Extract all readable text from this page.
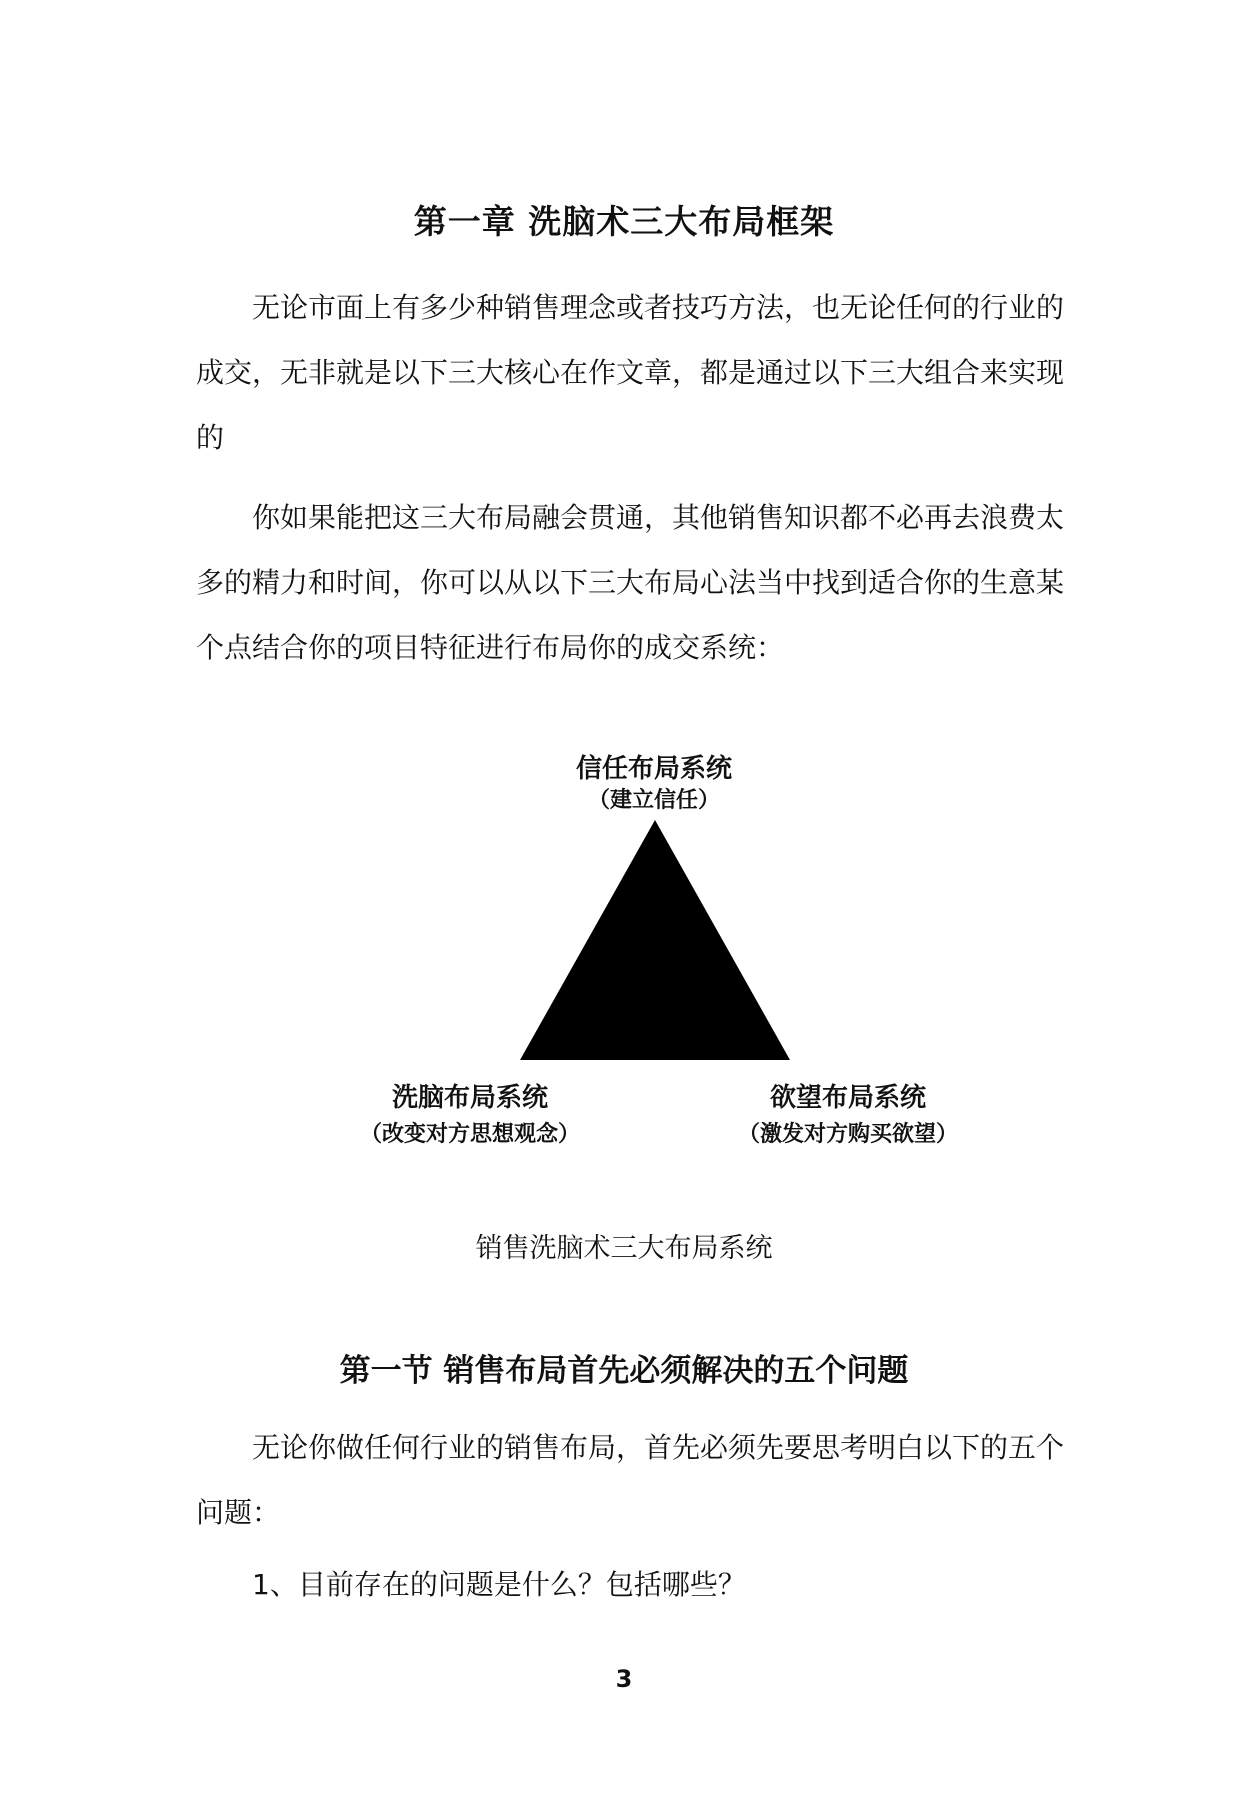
第一章 洗脑术三大布局框架

无论市面上有多少种销售理念或者技巧方法，也无论任何的行业的成交，无非就是以下三大核心在作文章，都是通过以下三大组合来实现的

你如果能把这三大布局融会贯通，其他销售知识都不必再去浪费太多的精力和时间，你可以从以下三大布局心法当中找到适合你的生意某个点结合你的项目特征进行布局你的成交系统：

信任布局系统

（建立信任）

洗脑布局系统

（改变对方思想观念）

欲望布局系统

（激发对方购买欲望）

销售洗脑术三大布局系统

第一节 销售布局首先必须解决的五个问题

无论你做任何行业的销售布局，首先必须先要思考明白以下的五个问题：

1、目前存在的问题是什么？包括哪些？

3
